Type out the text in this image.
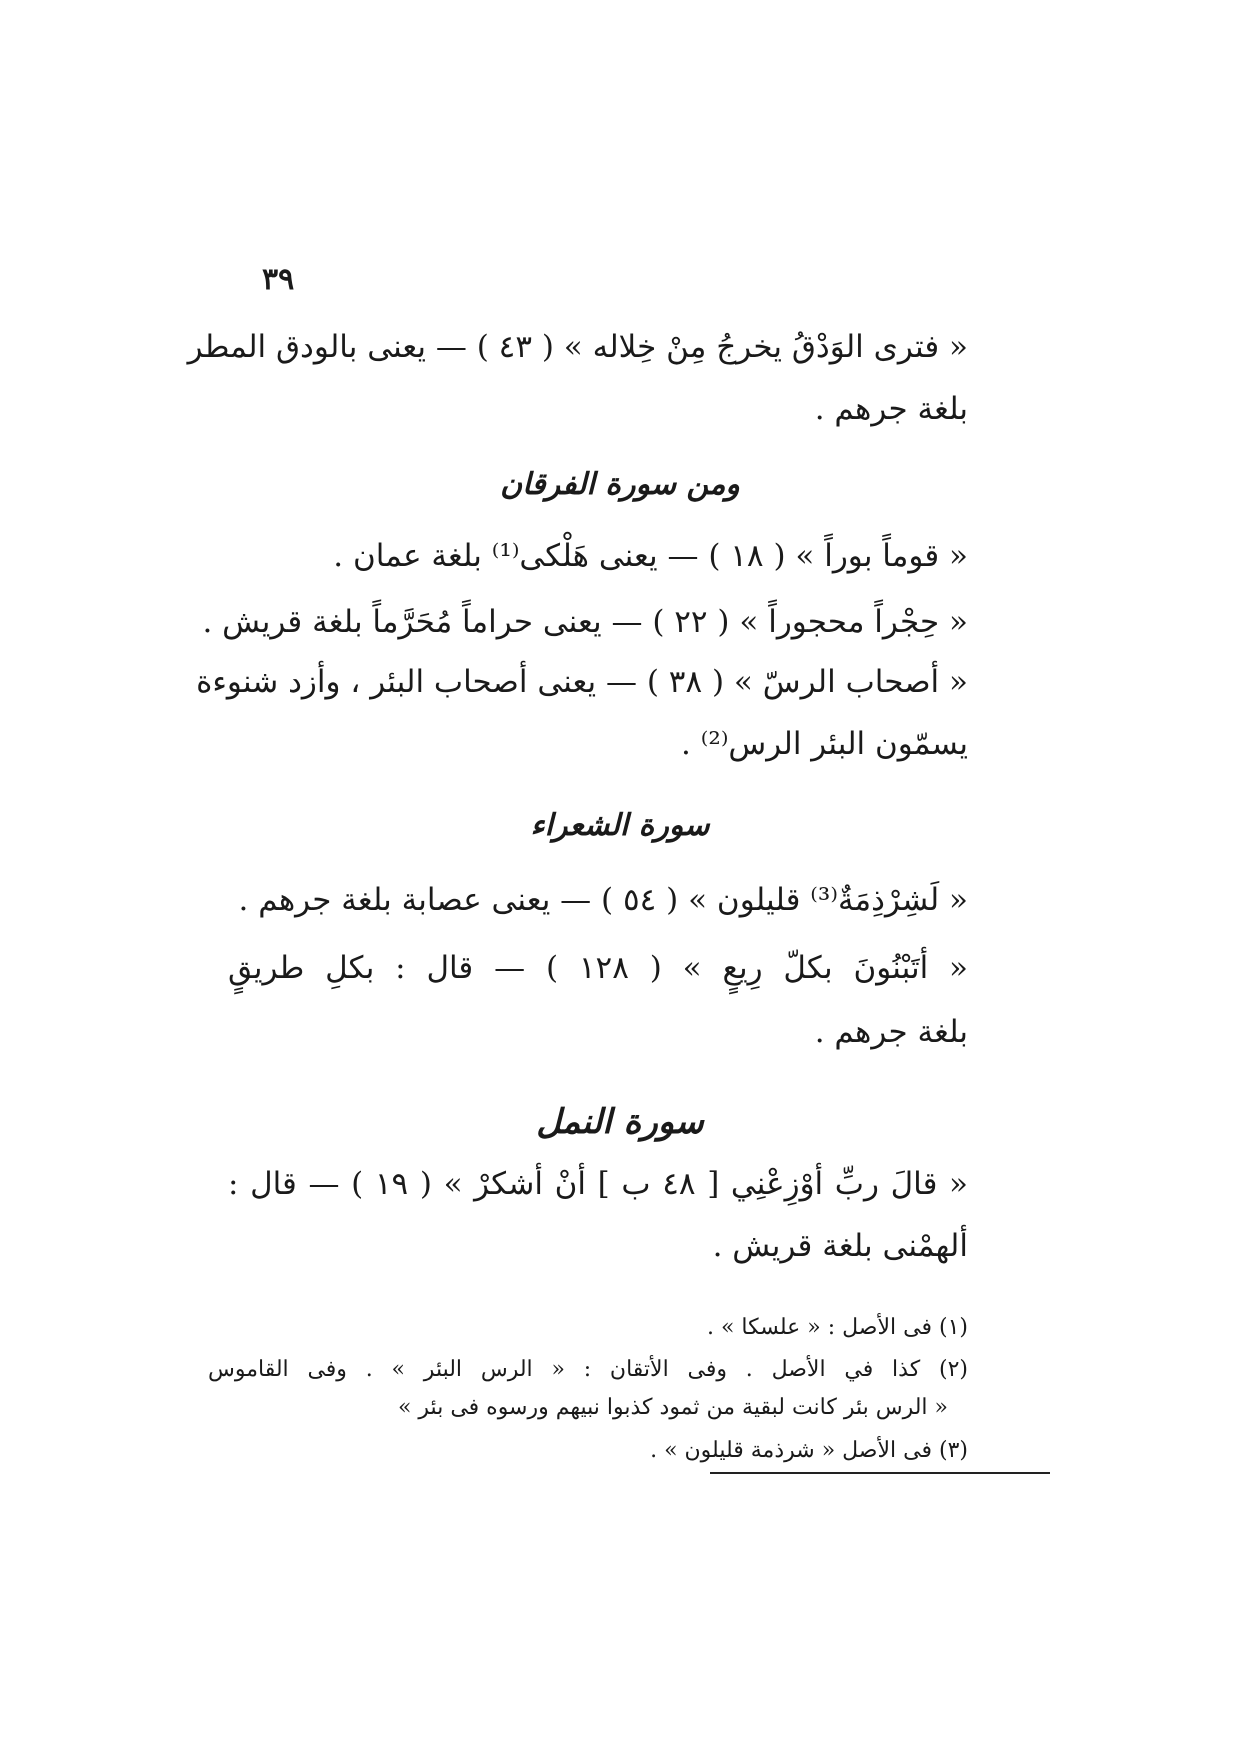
٣٩
« فترى الوَدْقُ يخرجُ مِنْ خِلاله » ( ٤٣ ) — يعنى بالودق المطر
بلغة جرهم .
ومن سورة الفرقان
« قوماً بوراً » ( ١٨ ) — يعنى هَلْكى⁽¹⁾ بلغة عمان .
« حِجْراً محجوراً » ( ٢٢ ) — يعنى حراماً مُحَرَّماً بلغة قريش .
« أصحاب الرسّ » ( ٣٨ ) — يعنى أصحاب البئر ، وأزد شنوءة
يسمّون البئر الرس⁽²⁾ .
سورة الشعراء
« لَشِرْذِمَةٌ⁽³⁾ قليلون » ( ٥٤ ) — يعنى عصابة بلغة جرهم .
« أتَبْنُونَ بكلّ رِيعٍ » ( ١٢٨ ) — قال : بكلِ طريقٍ
بلغة جرهم .
سورة النمل
« قالَ ربِّ أوْزِعْنِي [ ٤٨ ب ] أنْ أشكرْ » ( ١٩ ) — قال :
ألهمْنى بلغة قريش .
(١) فى الأصل : « علسكا » .
(٢) كذا في الأصل . وفى الأتقان : « الرس البئر » . وفى القاموس
« الرس بئر كانت لبقية من ثمود كذبوا نبيهم ورسوه فى بئر »
(٣) فى الأصل « شرذمة قليلون » .
